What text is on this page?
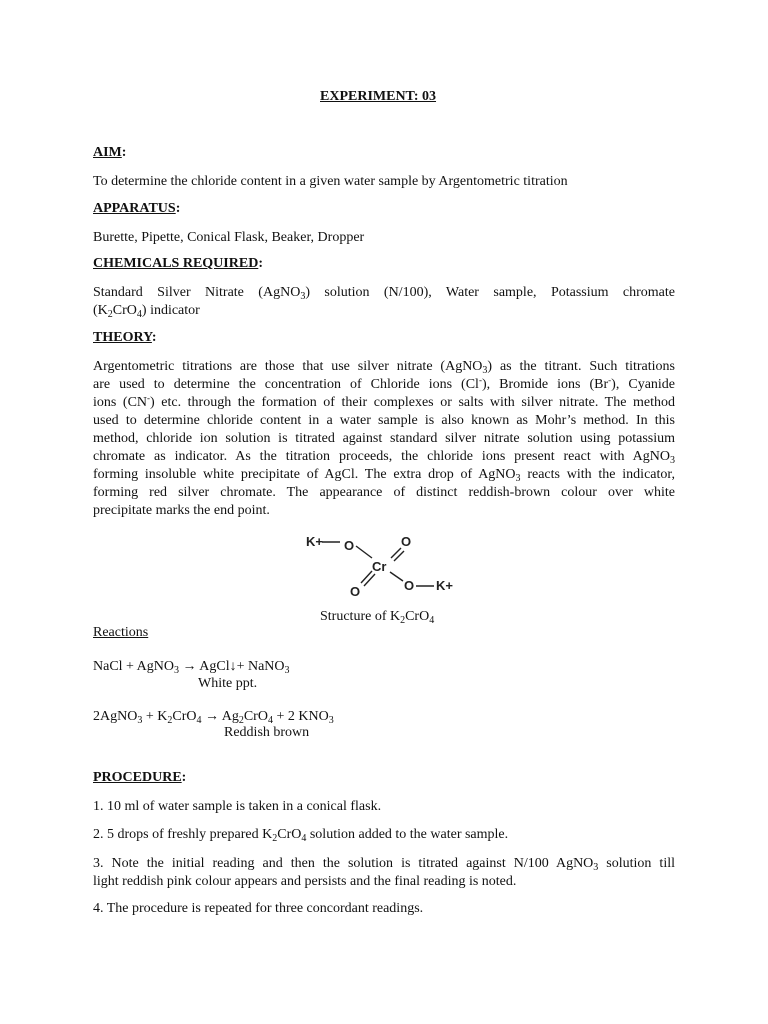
EXPERIMENT: 03
AIM:
To determine the chloride content in a given water sample by Argentometric titration
APPARATUS:
Burette, Pipette, Conical Flask, Beaker, Dropper
CHEMICALS REQUIRED:
Standard Silver Nitrate (AgNO$_3$) solution (N/100), Water sample, Potassium chromate
$(K_2CrO_4)$ indicator
THEORY:
Argentometric titrations are those that use silver nitrate (AgNO$_3$) as the titrant. Such titrations
are used to determine the concentration of Chloride ions (Cl-), Bromide ions (Br-), Cyanide
ions (CN-) etc. through the formation of their complexes or salts with silver nitrate. The method
used to determine chloride content in a water sample is also known as Mohr’s method. In this
method, chloride ion solution is titrated against standard silver nitrate solution using potassium
chromate as indicator. As the titration proceeds, the chloride ions present react with AgNO$_3$
forming insoluble white precipitate of AgCl. The extra drop of AgNO$_3$ reacts with the indicator,
forming red silver chromate. The appearance of distinct reddish-brown colour over white
precipitate marks the end point.
K+ O
Cr
O
O	O K+
Structure of $K_2CrO_4$
Reactions
NaCl + AgNO$_3$ → AgCl↓+ NaNO$_3$
White ppt.
2AgNO$_3$ + $K_2CrO_4 \to Ag_2CrO_4 + 2$ $KNO_3$
Reddish brown
PROCEDURE:
1. 10 ml of water sample is taken in a conical flask.
2. 5 drops of freshly prepared $K_2CrO_4$ solution added to the water sample.
3. Note the initial reading and then the solution is titrated against N/100 AgNO$_3$ solution till
light reddish pink colour appears and persists and the final reading is noted.
4. The procedure is repeated for three concordant readings.
